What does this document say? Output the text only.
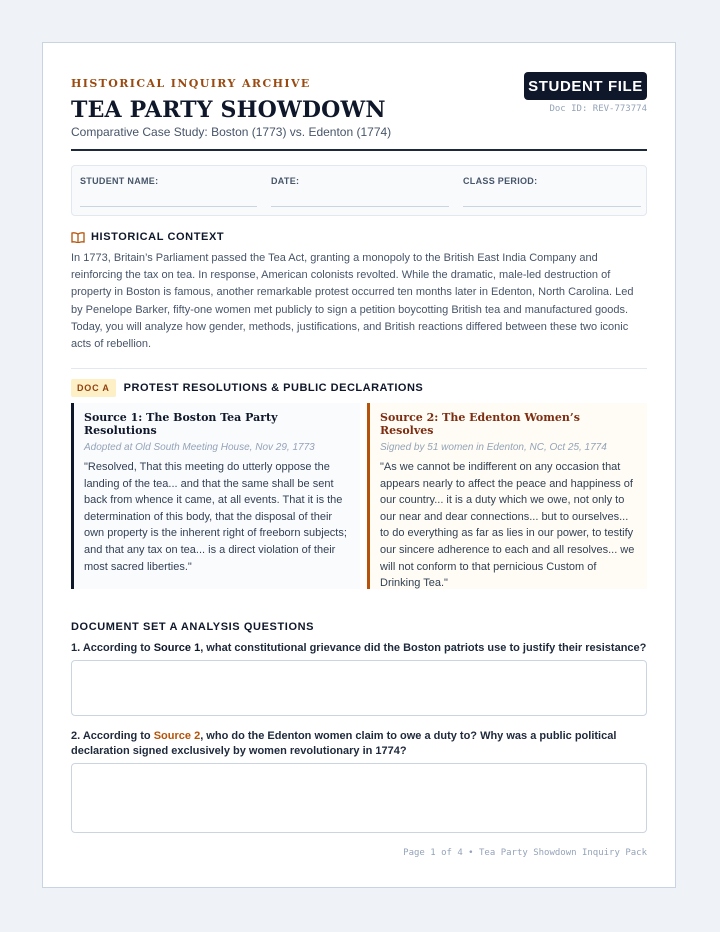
HISTORICAL INQUIRY ARCHIVE
TEA PARTY SHOWDOWN
Comparative Case Study: Boston (1773) vs. Edenton (1774)
STUDENT FILE
Doc ID: REV-773774
STUDENT NAME:	DATE:	CLASS PERIOD:
HISTORICAL CONTEXT
In 1773, Britain’s Parliament passed the Tea Act, granting a monopoly to the British East India Company and reinforcing the tax on tea. In response, American colonists revolted. While the dramatic, male-led destruction of property in Boston is famous, another remarkable protest occurred ten months later in Edenton, North Carolina. Led by Penelope Barker, fifty-one women met publicly to sign a petition boycotting British tea and manufactured goods. Today, you will analyze how gender, methods, justifications, and British reactions differed between these two iconic acts of rebellion.
DOC A	PROTEST RESOLUTIONS & PUBLIC DECLARATIONS
Source 1: The Boston Tea Party Resolutions
Adopted at Old South Meeting House, Nov 29, 1773
"Resolved, That this meeting do utterly oppose the landing of the tea... and that the same shall be sent back from whence it came, at all events. That it is the determination of this body, that the disposal of their own property is the inherent right of freeborn subjects; and that any tax on tea... is a direct violation of their most sacred liberties."
Source 2: The Edenton Women’s Resolves
Signed by 51 women in Edenton, NC, Oct 25, 1774
"As we cannot be indifferent on any occasion that appears nearly to affect the peace and happiness of our country... it is a duty which we owe, not only to our near and dear connections... but to ourselves... to do everything as far as lies in our power, to testify our sincere adherence to each and all resolves... we will not conform to that pernicious Custom of Drinking Tea."
DOCUMENT SET A ANALYSIS QUESTIONS
1. According to Source 1, what constitutional grievance did the Boston patriots use to justify their resistance?
2. According to Source 2, who do the Edenton women claim to owe a duty to? Why was a public political declaration signed exclusively by women revolutionary in 1774?
Page 1 of 4 • Tea Party Showdown Inquiry Pack
